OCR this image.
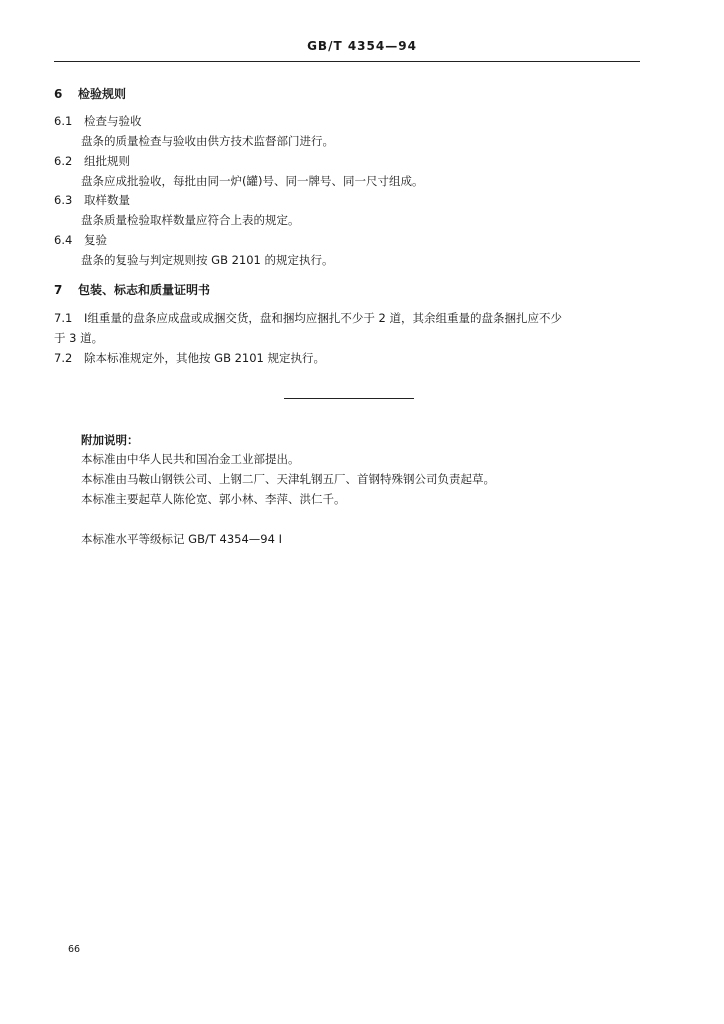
GB/T 4354—94
6 检验规则
6.1 检查与验收
盘条的质量检查与验收由供方技术监督部门进行。
6.2 组批规则
盘条应成批验收，每批由同一炉(罐)号、同一牌号、同一尺寸组成。
6.3 取样数量
盘条质量检验取样数量应符合上表的规定。
6.4 复验
盘条的复验与判定规则按 GB 2101 的规定执行。
7 包装、标志和质量证明书
7.1 Ⅰ组重量的盘条应成盘或成捆交货，盘和捆均应捆扎不少于 2 道，其余组重量的盘条捆扎应不少
于 3 道。
7.2 除本标准规定外，其他按 GB 2101 规定执行。
附加说明：
本标准由中华人民共和国冶金工业部提出。
本标准由马鞍山钢铁公司、上钢二厂、天津轧钢五厂、首钢特殊钢公司负责起草。
本标准主要起草人陈伦宽、郭小林、李萍、洪仁千。
本标准水平等级标记 GB/T 4354—94 I
66
